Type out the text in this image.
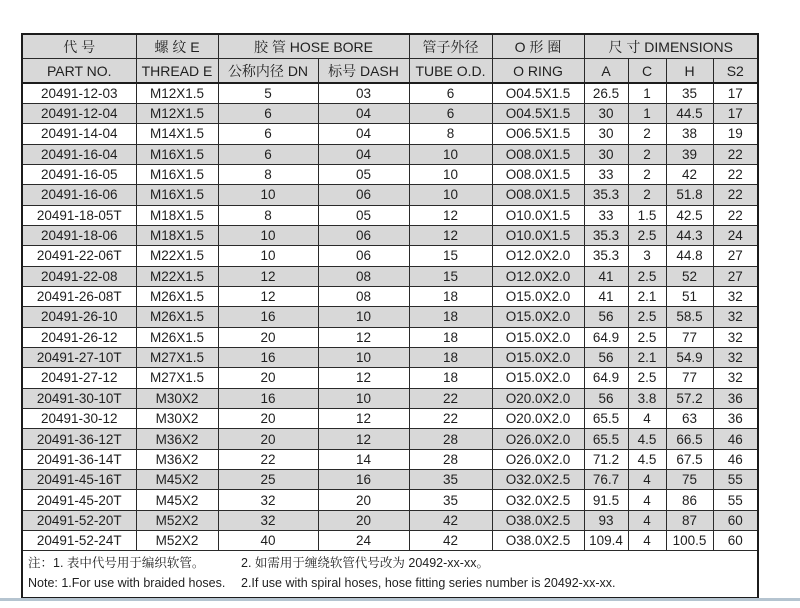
代 号	螺 纹 E	胶 管 HOSE BORE		管子外径	O 形 圈	尺 寸 DIMENSIONS			
PART NO.	THREAD E	公称内径 DN	标号 DASH	TUBE O.D.	O RING	A	C	H	S2
20491-12-03	M12X1.5	5	03	6	O04.5X1.5	26.5	1	35	17
20491-12-04	M12X1.5	6	04	6	O04.5X1.5	30	1	44.5	17
20491-14-04	M14X1.5	6	04	8	O06.5X1.5	30	2	38	19
20491-16-04	M16X1.5	6	04	10	O08.0X1.5	30	2	39	22
20491-16-05	M16X1.5	8	05	10	O08.0X1.5	33	2	42	22
20491-16-06	M16X1.5	10	06	10	O08.0X1.5	35.3	2	51.8	22
20491-18-05T	M18X1.5	8	05	12	O10.0X1.5	33	1.5	42.5	22
20491-18-06	M18X1.5	10	06	12	O10.0X1.5	35.3	2.5	44.3	24
20491-22-06T	M22X1.5	10	06	15	O12.0X2.0	35.3	3	44.8	27
20491-22-08	M22X1.5	12	08	15	O12.0X2.0	41	2.5	52	27
20491-26-08T	M26X1.5	12	08	18	O15.0X2.0	41	2.1	51	32
20491-26-10	M26X1.5	16	10	18	O15.0X2.0	56	2.5	58.5	32
20491-26-12	M26X1.5	20	12	18	O15.0X2.0	64.9	2.5	77	32
20491-27-10T	M27X1.5	16	10	18	O15.0X2.0	56	2.1	54.9	32
20491-27-12	M27X1.5	20	12	18	O15.0X2.0	64.9	2.5	77	32
20491-30-10T	M30X2	16	10	22	O20.0X2.0	56	3.8	57.2	36
20491-30-12	M30X2	20	12	22	O20.0X2.0	65.5	4	63	36
20491-36-12T	M36X2	20	12	28	O26.0X2.0	65.5	4.5	66.5	46
20491-36-14T	M36X2	22	14	28	O26.0X2.0	71.2	4.5	67.5	46
20491-45-16T	M45X2	25	16	35	O32.0X2.5	76.7	4	75	55
20491-45-20T	M45X2	32	20	35	O32.0X2.5	91.5	4	86	55
20491-52-20T	M52X2	32	20	42	O38.0X2.5	93	4	87	60
20491-52-24T	M52X2	40	24	42	O38.0X2.5	109.4	4	100.5	60

注：1. 表中代号用于编织软管。 2. 如需用于缠绕软管代号改为 20492-xx-xx。
Note: 1.For use with braided hoses. 2.If use with spiral hoses, hose fitting series number is 20492-xx-xx.									
